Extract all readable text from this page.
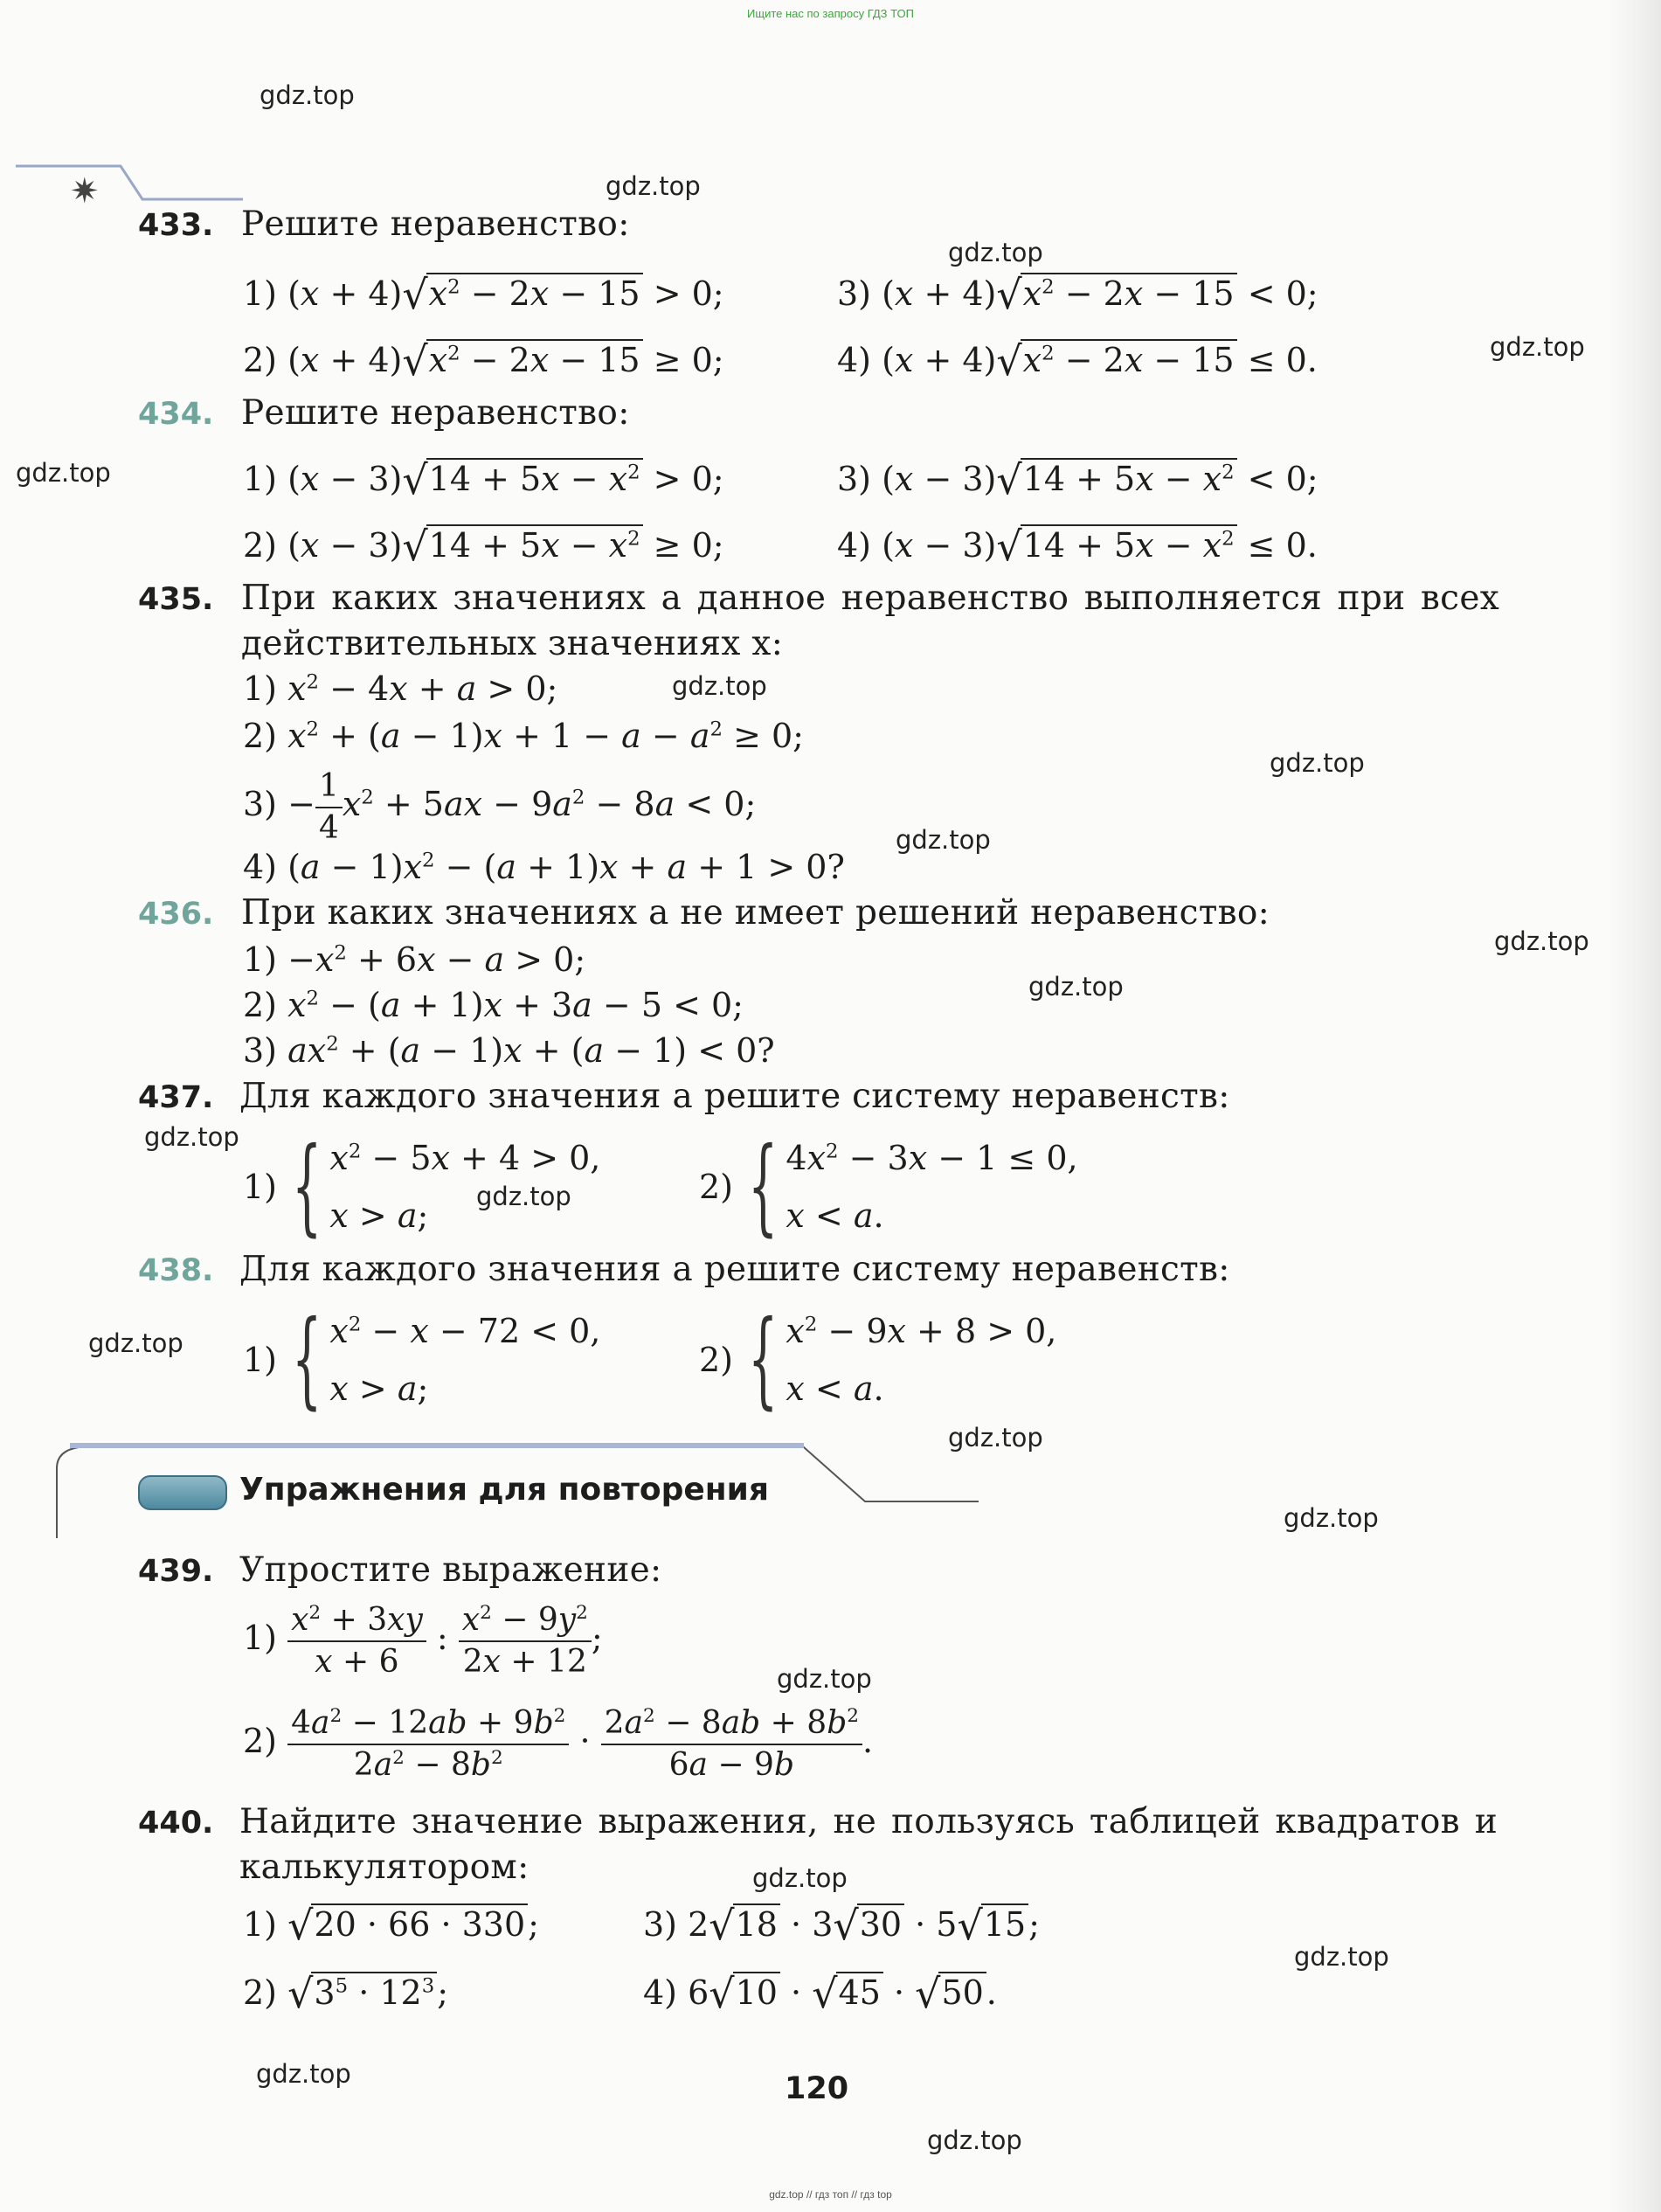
Ищите нас по запросу ГДЗ ТОП
gdz.top
gdz.top
gdz.top
gdz.top
gdz.top
gdz.top
gdz.top
gdz.top
gdz.top
gdz.top
gdz.top
gdz.top
gdz.top
gdz.top
gdz.top
gdz.top
gdz.top
gdz.top
gdz.top
gdz.top
✷
433. Решите неравенство:
1) $(x + 4)√x^2 - 2x - 15 > 0$;	3) $(x + 4)√x^2 - 2x - 15 < 0$;
2) $(x + 4)√x^2 - 2x - 15 \ge 0$;	4) $(x + 4)√x^2 - 2x - 15 \le 0$.
434. Решите неравенство:
1) $(x - 3)√14 + 5x - x^2 > 0$;	3) $(x - 3)√14 + 5x - x^2 < 0$;
2) $(x - 3)√14 + 5x - x^2 \ge 0$;	4) $(x - 3)√14 + 5x - x^2 \le 0$.
435. При каких значениях a данное неравенство выполняется при всех
действительных значениях x:
1) $x^2 - 4x + a > 0$;
2) $x^2 + (a - 1)x + 1 - a - a^2 \ge 0$;
$3) - \frac{1}{4} x^2 + 5ax - 9a^2 - 8a < 0$;
4) $(a - 1)x^2 - (a + 1)x + a + 1 > 0$?
436. При каких значениях a не имеет решений неравенство:
$1) -x^2 + 6x - a > 0$;
2) $x^2 - (a + 1)x + 3a - 5 < 0$;
3) $ax^2 + (a - 1)x + (a - 1) < 0$?
437. Для каждого значения a решите систему неравенств:
1) { $x^2 - 5x + 4 > 0$,
x > a;
2) { $4x^2 - 3x - 1 \le 0$,
x < a.
438. Для каждого значения a решите систему неравенств:
1) { $x^2 - x - 72 < 0$,
x > a;
2) { $x^2 - 9x + 8 > 0$,
x < a.
Упражнения для повторения
439. Упростите выражение:
$1) \frac{x^2 + 3xy}{x + 6}$ : $\frac{x^2 - 9y^2}{2x + 12}$ ;
$2) \frac{4a^2 - 12ab + 9b^2}{2a^2 - 8b^2} \cdot \frac{2a^2 - 8ab + 8b^2}{6a - 9b}$ .
440. Найдите значение выражения, не пользуясь таблицей квадратов и
калькулятором:
1) √20 · 66 · 330;	3) 2√18 · 3√30 · 5√15;
2) $√3^5 \cdot 12^3$;	4) 6√10 · √45 · √50.
120
gdz.top // гдз топ // гдз top
